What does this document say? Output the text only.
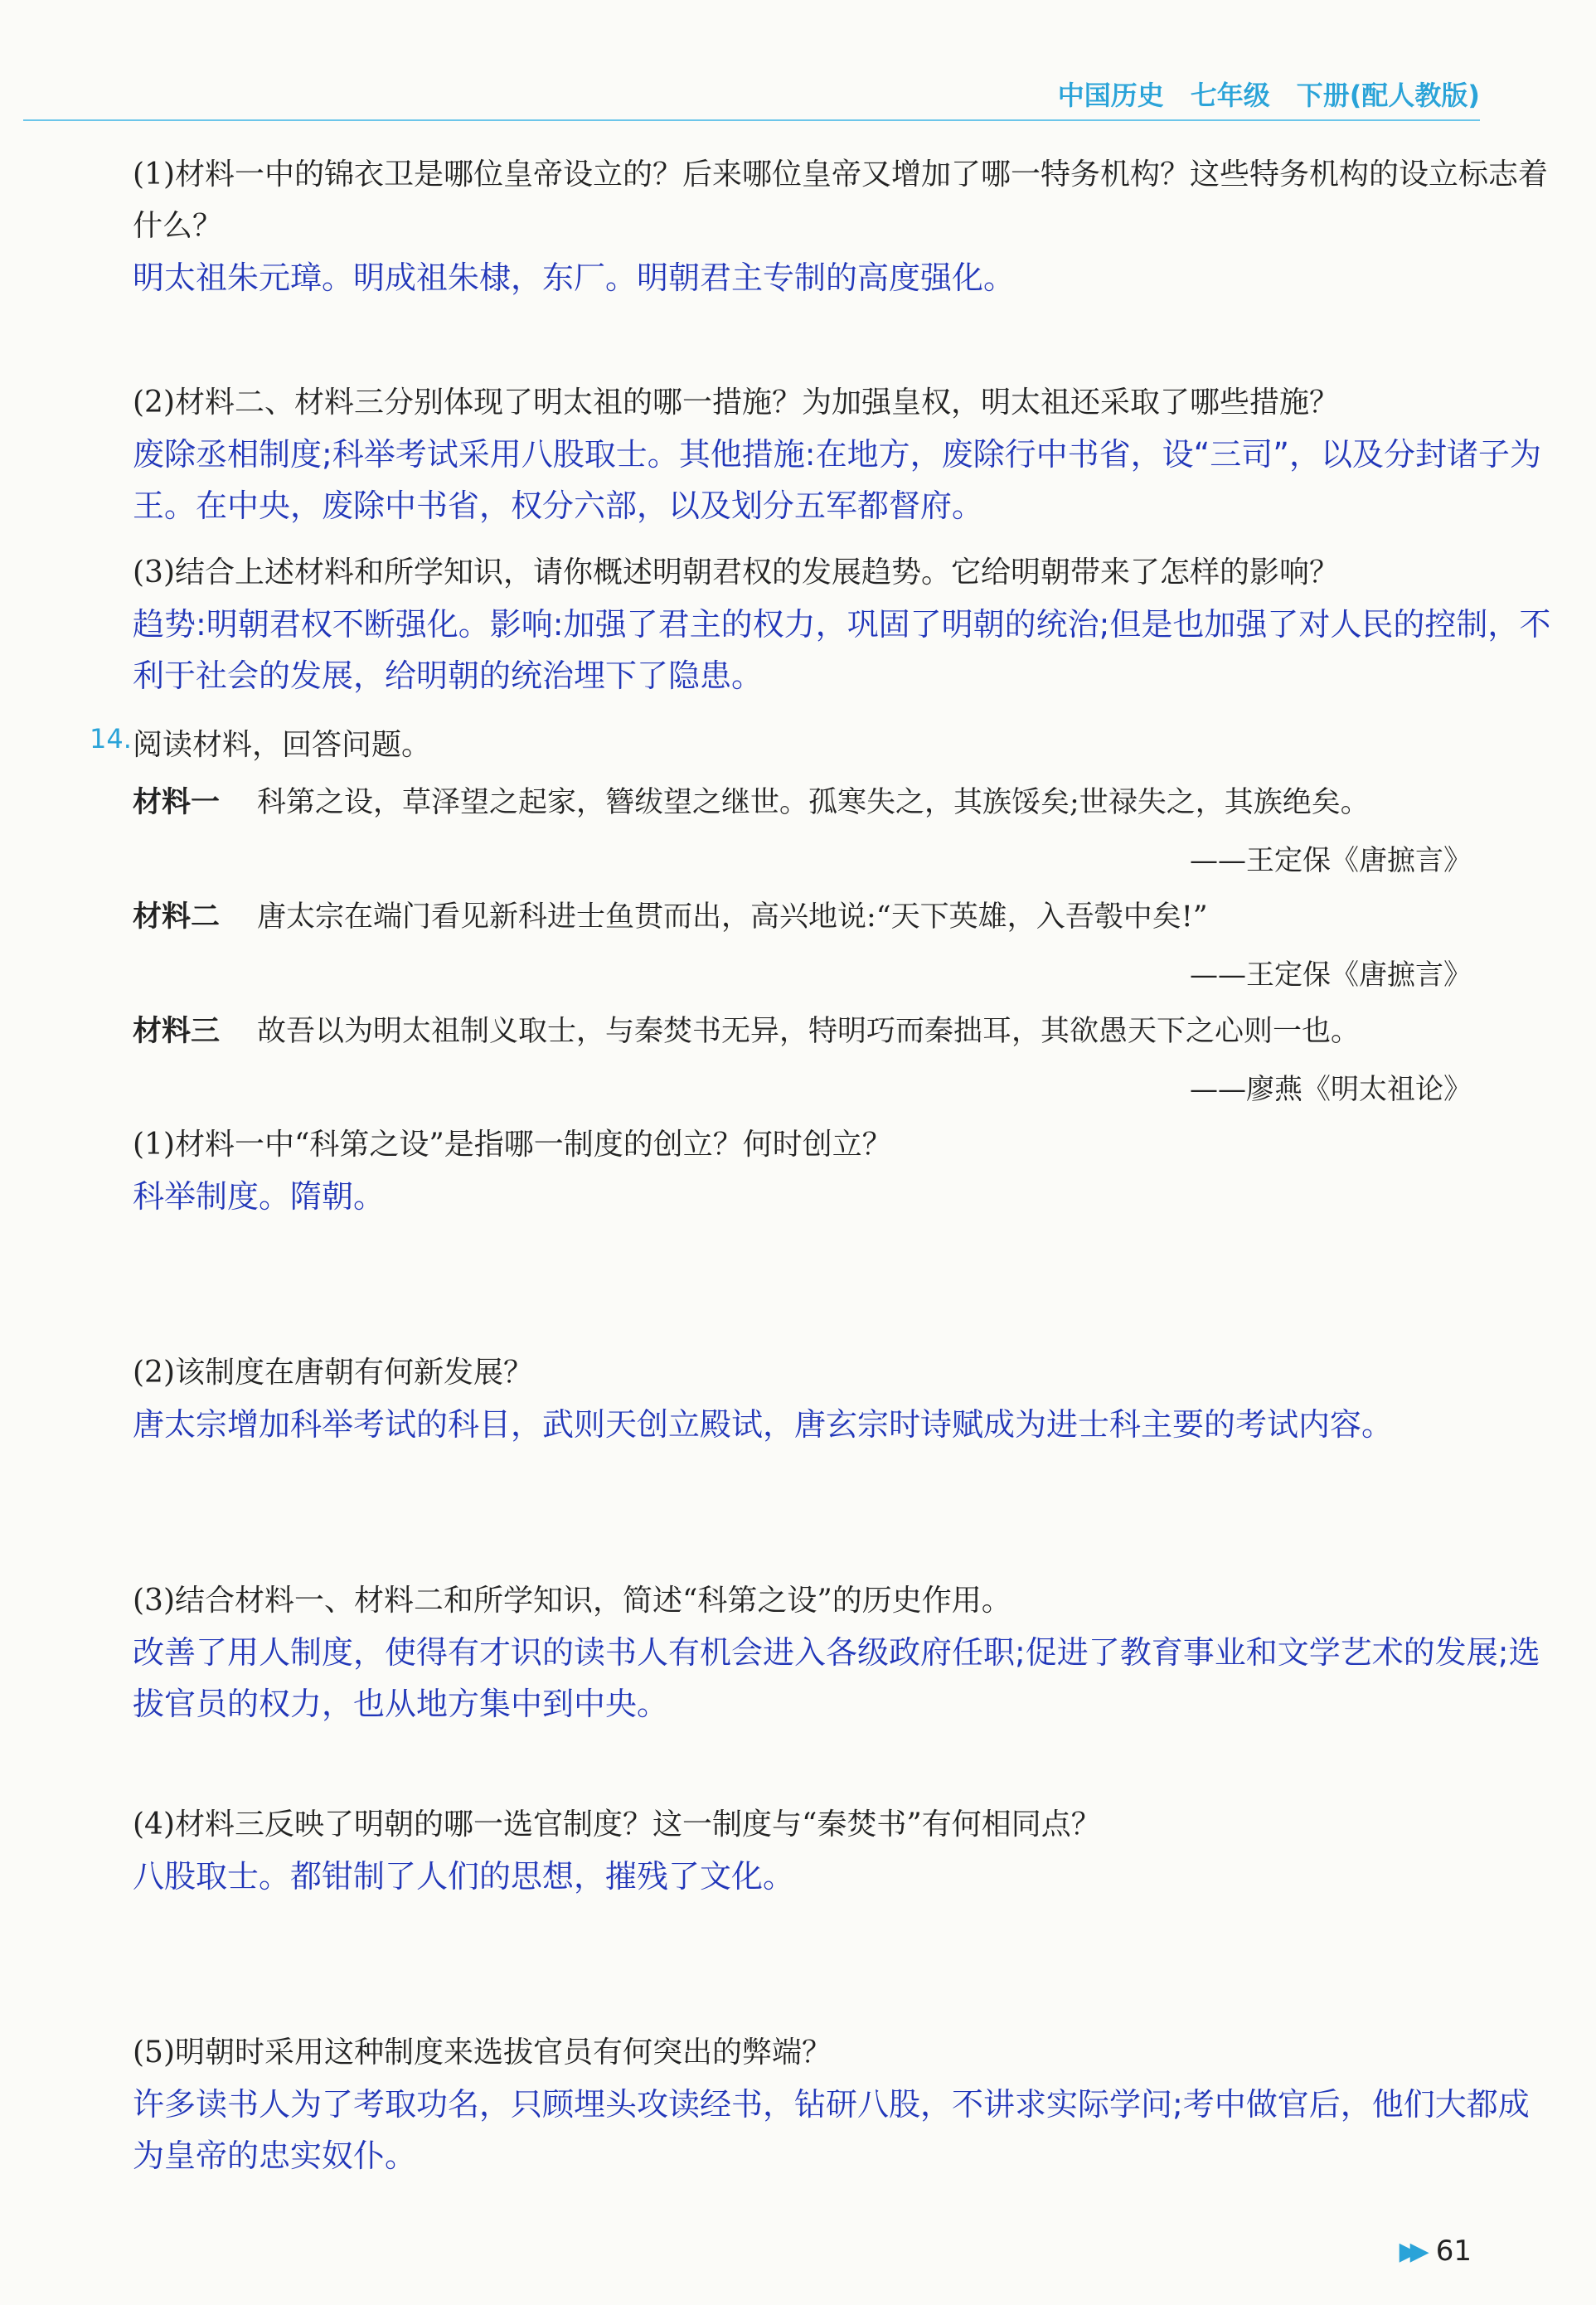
中国历史　七年级　下册(配人教版)

(1)材料一中的锦衣卫是哪位皇帝设立的？后来哪位皇帝又增加了哪一特务机构？这些特务机构的设立标志着什么？

明太祖朱元璋。明成祖朱棣，东厂。明朝君主专制的高度强化。

(2)材料二、材料三分别体现了明太祖的哪一措施？为加强皇权，明太祖还采取了哪些措施？

废除丞相制度;科举考试采用八股取士。其他措施:在地方，废除行中书省，设“三司”，以及分封诸子为王。在中央，废除中书省，权分六部，以及划分五军都督府。

(3)结合上述材料和所学知识，请你概述明朝君权的发展趋势。它给明朝带来了怎样的影响？

趋势:明朝君权不断强化。影响:加强了君主的权力，巩固了明朝的统治;但是也加强了对人民的控制，不利于社会的发展，给明朝的统治埋下了隐患。

14. 阅读材料，回答问题。
材料一 科第之设，草泽望之起家，簪绂望之继世。孤寒失之，其族馁矣;世禄失之，其族绝矣。
——王定保《唐摭言》
材料二 唐太宗在端门看见新科进士鱼贯而出，高兴地说:“天下英雄，入吾彀中矣!”
——王定保《唐摭言》
材料三 故吾以为明太祖制义取士，与秦焚书无异，特明巧而秦拙耳，其欲愚天下之心则一也。
——廖燕《明太祖论》

(1)材料一中“科第之设”是指哪一制度的创立？何时创立？

科举制度。隋朝。

(2)该制度在唐朝有何新发展？

唐太宗增加科举考试的科目，武则天创立殿试，唐玄宗时诗赋成为进士科主要的考试内容。

(3)结合材料一、材料二和所学知识，简述“科第之设”的历史作用。

改善了用人制度，使得有才识的读书人有机会进入各级政府任职;促进了教育事业和文学艺术的发展;选拔官员的权力，也从地方集中到中央。

(4)材料三反映了明朝的哪一选官制度？这一制度与“秦焚书”有何相同点？

八股取士。都钳制了人们的思想，摧残了文化。

(5)明朝时采用这种制度来选拔官员有何突出的弊端？

许多读书人为了考取功名，只顾埋头攻读经书，钻研八股，不讲求实际学问;考中做官后，他们大都成为皇帝的忠实奴仆。

▶▶ 61
